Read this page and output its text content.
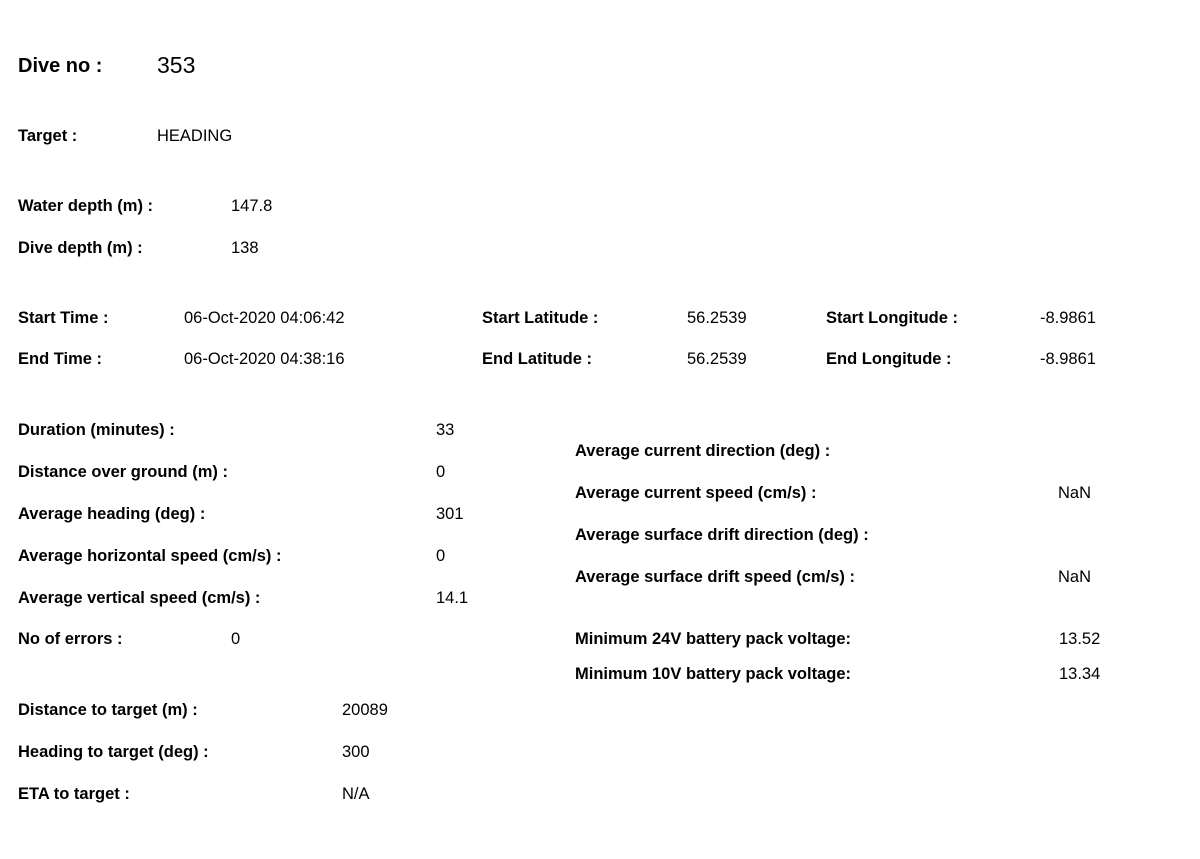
Dive no : 353
Target :	HEADING
Water depth (m) :	147.8
Dive depth (m) :	138
Start Time :	06-Oct-2020 04:06:42
End Time :	06-Oct-2020 04:38:16
Start Latitude :	56.2539
End Latitude :	56.2539
Start Longitude :	-8.9861
End Longitude :	-8.9861
Duration (minutes) :	33
Distance over ground (m) :	0
Average heading (deg) :	301
Average horizontal speed (cm/s) :	0
Average vertical speed (cm/s) :	14.1
No of errors :	0
Average current direction (deg) :
Average current speed (cm/s) :	NaN
Average surface drift direction (deg) :
Average surface drift speed (cm/s) :	NaN
Minimum 24V battery pack voltage:	13.52
Minimum 10V battery pack voltage:	13.34
Distance to target (m) :	20089
Heading to target (deg) :	300
ETA to target :	N/A
